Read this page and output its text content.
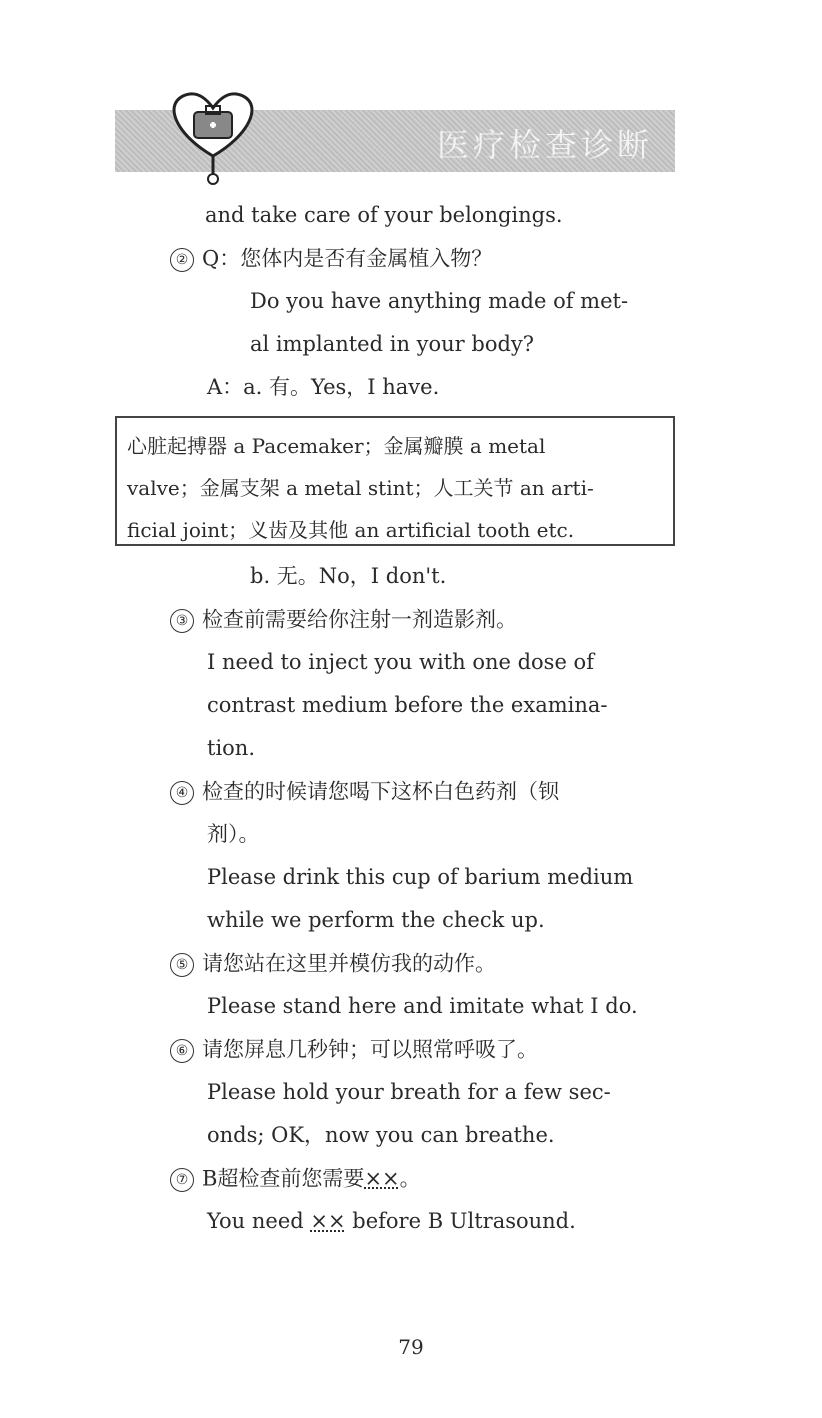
医疗检查诊断
and take care of your belongings.
② Q：您体内是否有金属植入物？
Do you have anything made of met-
al implanted in your body?
A：a. 有。Yes，I have.
心脏起搏器 a Pacemaker；金属瓣膜 a metal
valve；金属支架 a metal stint；人工关节 an arti-
ficial joint；义齿及其他 an artificial tooth etc.
b. 无。No，I don't.
③ 检查前需要给你注射一剂造影剂。
I need to inject you with one dose of
contrast medium before the examina-
tion.
④ 检查的时候请您喝下这杯白色药剂（钡
剂）。
Please drink this cup of barium medium
while we perform the check up.
⑤ 请您站在这里并模仿我的动作。
Please stand here and imitate what I do.
⑥ 请您屏息几秒钟；可以照常呼吸了。
Please hold your breath for a few sec-
onds; OK，now you can breathe.
⑦ B超检查前您需要××。
You need ×× before B Ultrasound.
79
